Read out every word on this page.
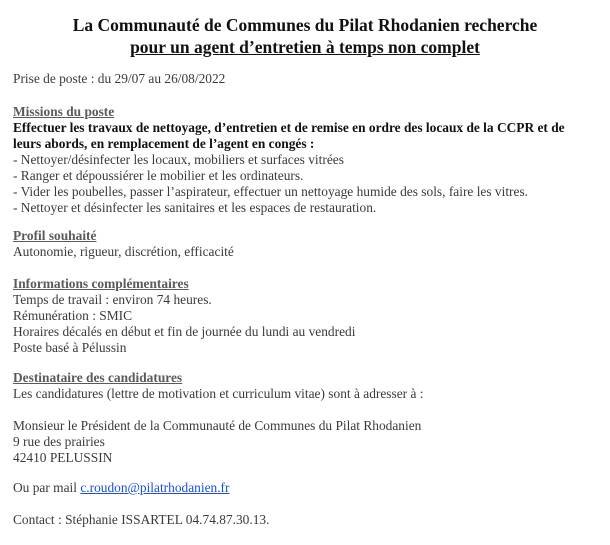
La Communauté de Communes du Pilat Rhodanien recherche

pour un agent d’entretien à temps non complet

Prise de poste : du 29/07 au 26/08/2022
Missions du poste
Effectuer les travaux de nettoyage, d’entretien et de remise en ordre des locaux de la CCPR et de leurs abords, en remplacement de l’agent en congés :
- Nettoyer/désinfecter les locaux, mobiliers et surfaces vitrées
- Ranger et dépoussiérer le mobilier et les ordinateurs.
- Vider les poubelles, passer l’aspirateur, effectuer un nettoyage humide des sols, faire les vitres.
- Nettoyer et désinfecter les sanitaires et les espaces de restauration.
Profil souhaité
Autonomie, rigueur, discrétion, efficacité
Informations complémentaires
Temps de travail : environ 74 heures.
Rémunération : SMIC
Horaires décalés en début et fin de journée du lundi au vendredi
Poste basé à Pélussin
Destinataire des candidatures
Les candidatures (lettre de motivation et curriculum vitae) sont à adresser à :
Monsieur le Président de la Communauté de Communes du Pilat Rhodanien
9 rue des prairies
42410 PELUSSIN
Ou par mail c.roudon@pilatrhodanien.fr
Contact : Stéphanie ISSARTEL 04.74.87.30.13.
